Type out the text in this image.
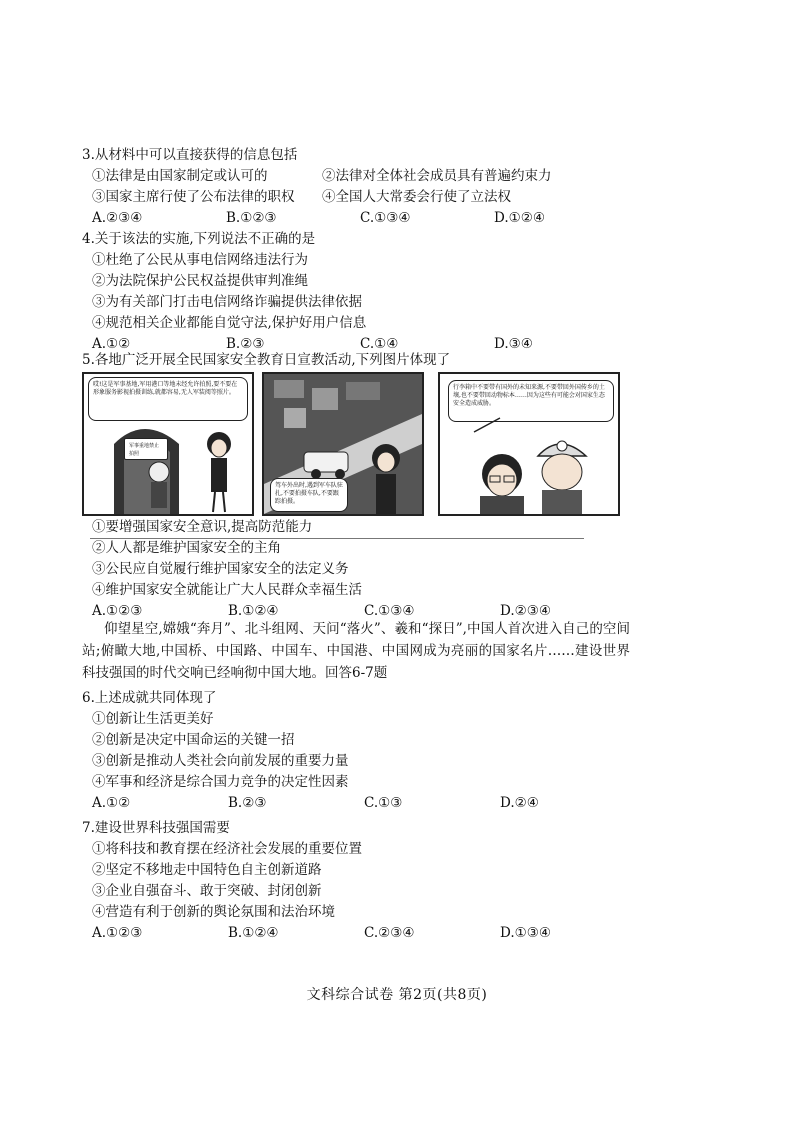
3.从材料中可以直接获得的信息包括
①法律是由国家制定或认可的	②法律对全体社会成员具有普遍约束力
③国家主席行使了公布法律的职权	④全国人大常委会行使了立法权
A.②③④	B.①②③	C.①③④	D.①②④
4.关于该法的实施,下列说法不正确的是
①杜绝了公民从事电信网络违法行为
②为法院保护公民权益提供审判准绳
③为有关部门打击电信网络诈骗提供法律依据
④规范相关企业都能自觉守法,保护好用户信息
A.①②	B.②③	C.①④	D.③④
5.各地广泛开展全民国家安全教育日宣教活动,下列图片体现了
哎!这是军事基地,军用港口等地未经允许拍照,要不要在形象服务影视拍摄训练,就都容易,无人军装阅等照片。
军事重地禁止拍照
驾车外出时,遇到军车队驻扎,不要拍摄车队,不要跟踪拍摄。
行李箱中不要带有国外的未知来源,不要带回外国传乡的土壤,也不要带回动物标本……因为这些有可能会对国家生态安全造成威胁。
①要增强国家安全意识,提高防范能力
②人人都是维护国家安全的主角
③公民应自觉履行维护国家安全的法定义务
④维护国家安全就能让广大人民群众幸福生活
A.①②③	B.①②④	C.①③④	D.②③④
仰望星空,嫦娥“奔月”、北斗组网、天问“落火”、羲和“探日”,中国人首次进入自己的空间站;俯瞰大地,中国桥、中国路、中国车、中国港、中国网成为亮丽的国家名片……建设世界科技强国的时代交响已经响彻中国大地。回答6-7题
6.上述成就共同体现了
①创新让生活更美好
②创新是决定中国命运的关键一招
③创新是推动人类社会向前发展的重要力量
④军事和经济是综合国力竞争的决定性因素
A.①②	B.②③	C.①③	D.②④
7.建设世界科技强国需要
①将科技和教育摆在经济社会发展的重要位置
②坚定不移地走中国特色自主创新道路
③企业自强奋斗、敢于突破、封闭创新
④营造有利于创新的舆论氛围和法治环境
A.①②③	B.①②④	C.②③④	D.①③④
文科综合试卷 第2页(共8页)
